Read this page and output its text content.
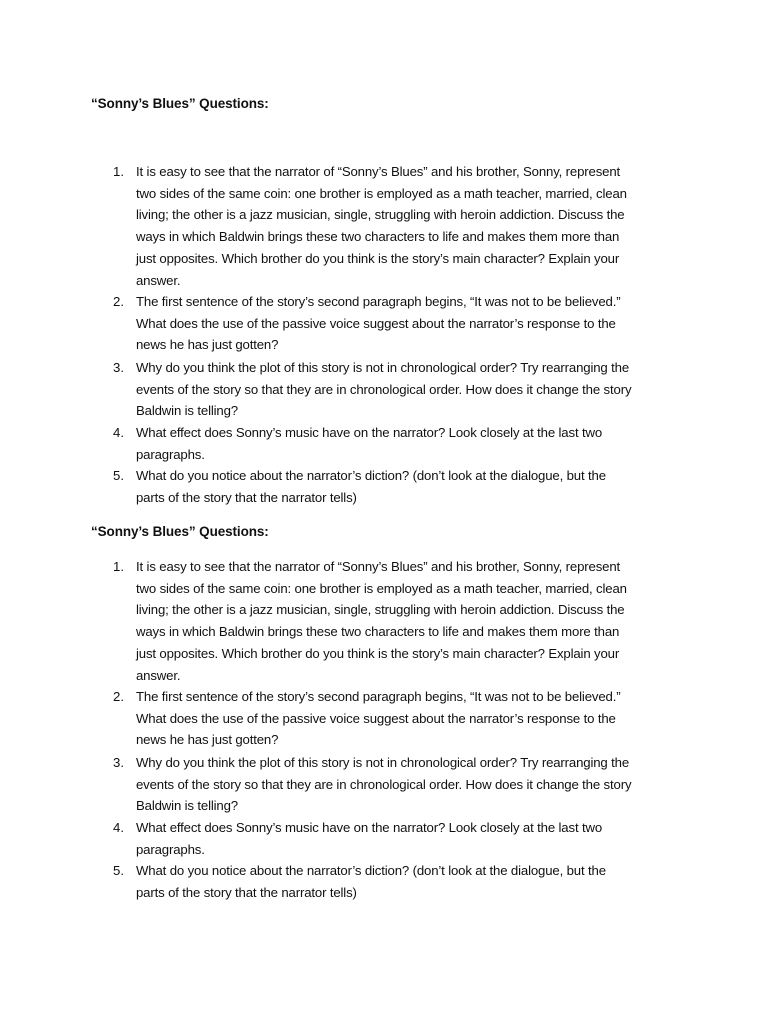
“Sonny’s Blues” Questions:
1. It is easy to see that the narrator of “Sonny’s Blues” and his brother, Sonny, represent
two sides of the same coin: one brother is employed as a math teacher, married, clean
living; the other is a jazz musician, single, struggling with heroin addiction. Discuss the
ways in which Baldwin brings these two characters to life and makes them more than
just opposites. Which brother do you think is the story’s main character? Explain your
answer.
2. The first sentence of the story’s second paragraph begins, “It was not to be believed.”
What does the use of the passive voice suggest about the narrator’s response to the
news he has just gotten?
3. Why do you think the plot of this story is not in chronological order? Try rearranging the
events of the story so that they are in chronological order. How does it change the story
Baldwin is telling?
4. What effect does Sonny’s music have on the narrator? Look closely at the last two
paragraphs.
5. What do you notice about the narrator’s diction? (don’t look at the dialogue, but the
parts of the story that the narrator tells)
“Sonny’s Blues” Questions:
1. It is easy to see that the narrator of “Sonny’s Blues” and his brother, Sonny, represent
two sides of the same coin: one brother is employed as a math teacher, married, clean
living; the other is a jazz musician, single, struggling with heroin addiction. Discuss the
ways in which Baldwin brings these two characters to life and makes them more than
just opposites. Which brother do you think is the story’s main character? Explain your
answer.
2. The first sentence of the story’s second paragraph begins, “It was not to be believed.”
What does the use of the passive voice suggest about the narrator’s response to the
news he has just gotten?
3. Why do you think the plot of this story is not in chronological order? Try rearranging the
events of the story so that they are in chronological order. How does it change the story
Baldwin is telling?
4. What effect does Sonny’s music have on the narrator? Look closely at the last two
paragraphs.
5. What do you notice about the narrator’s diction? (don’t look at the dialogue, but the
parts of the story that the narrator tells)
